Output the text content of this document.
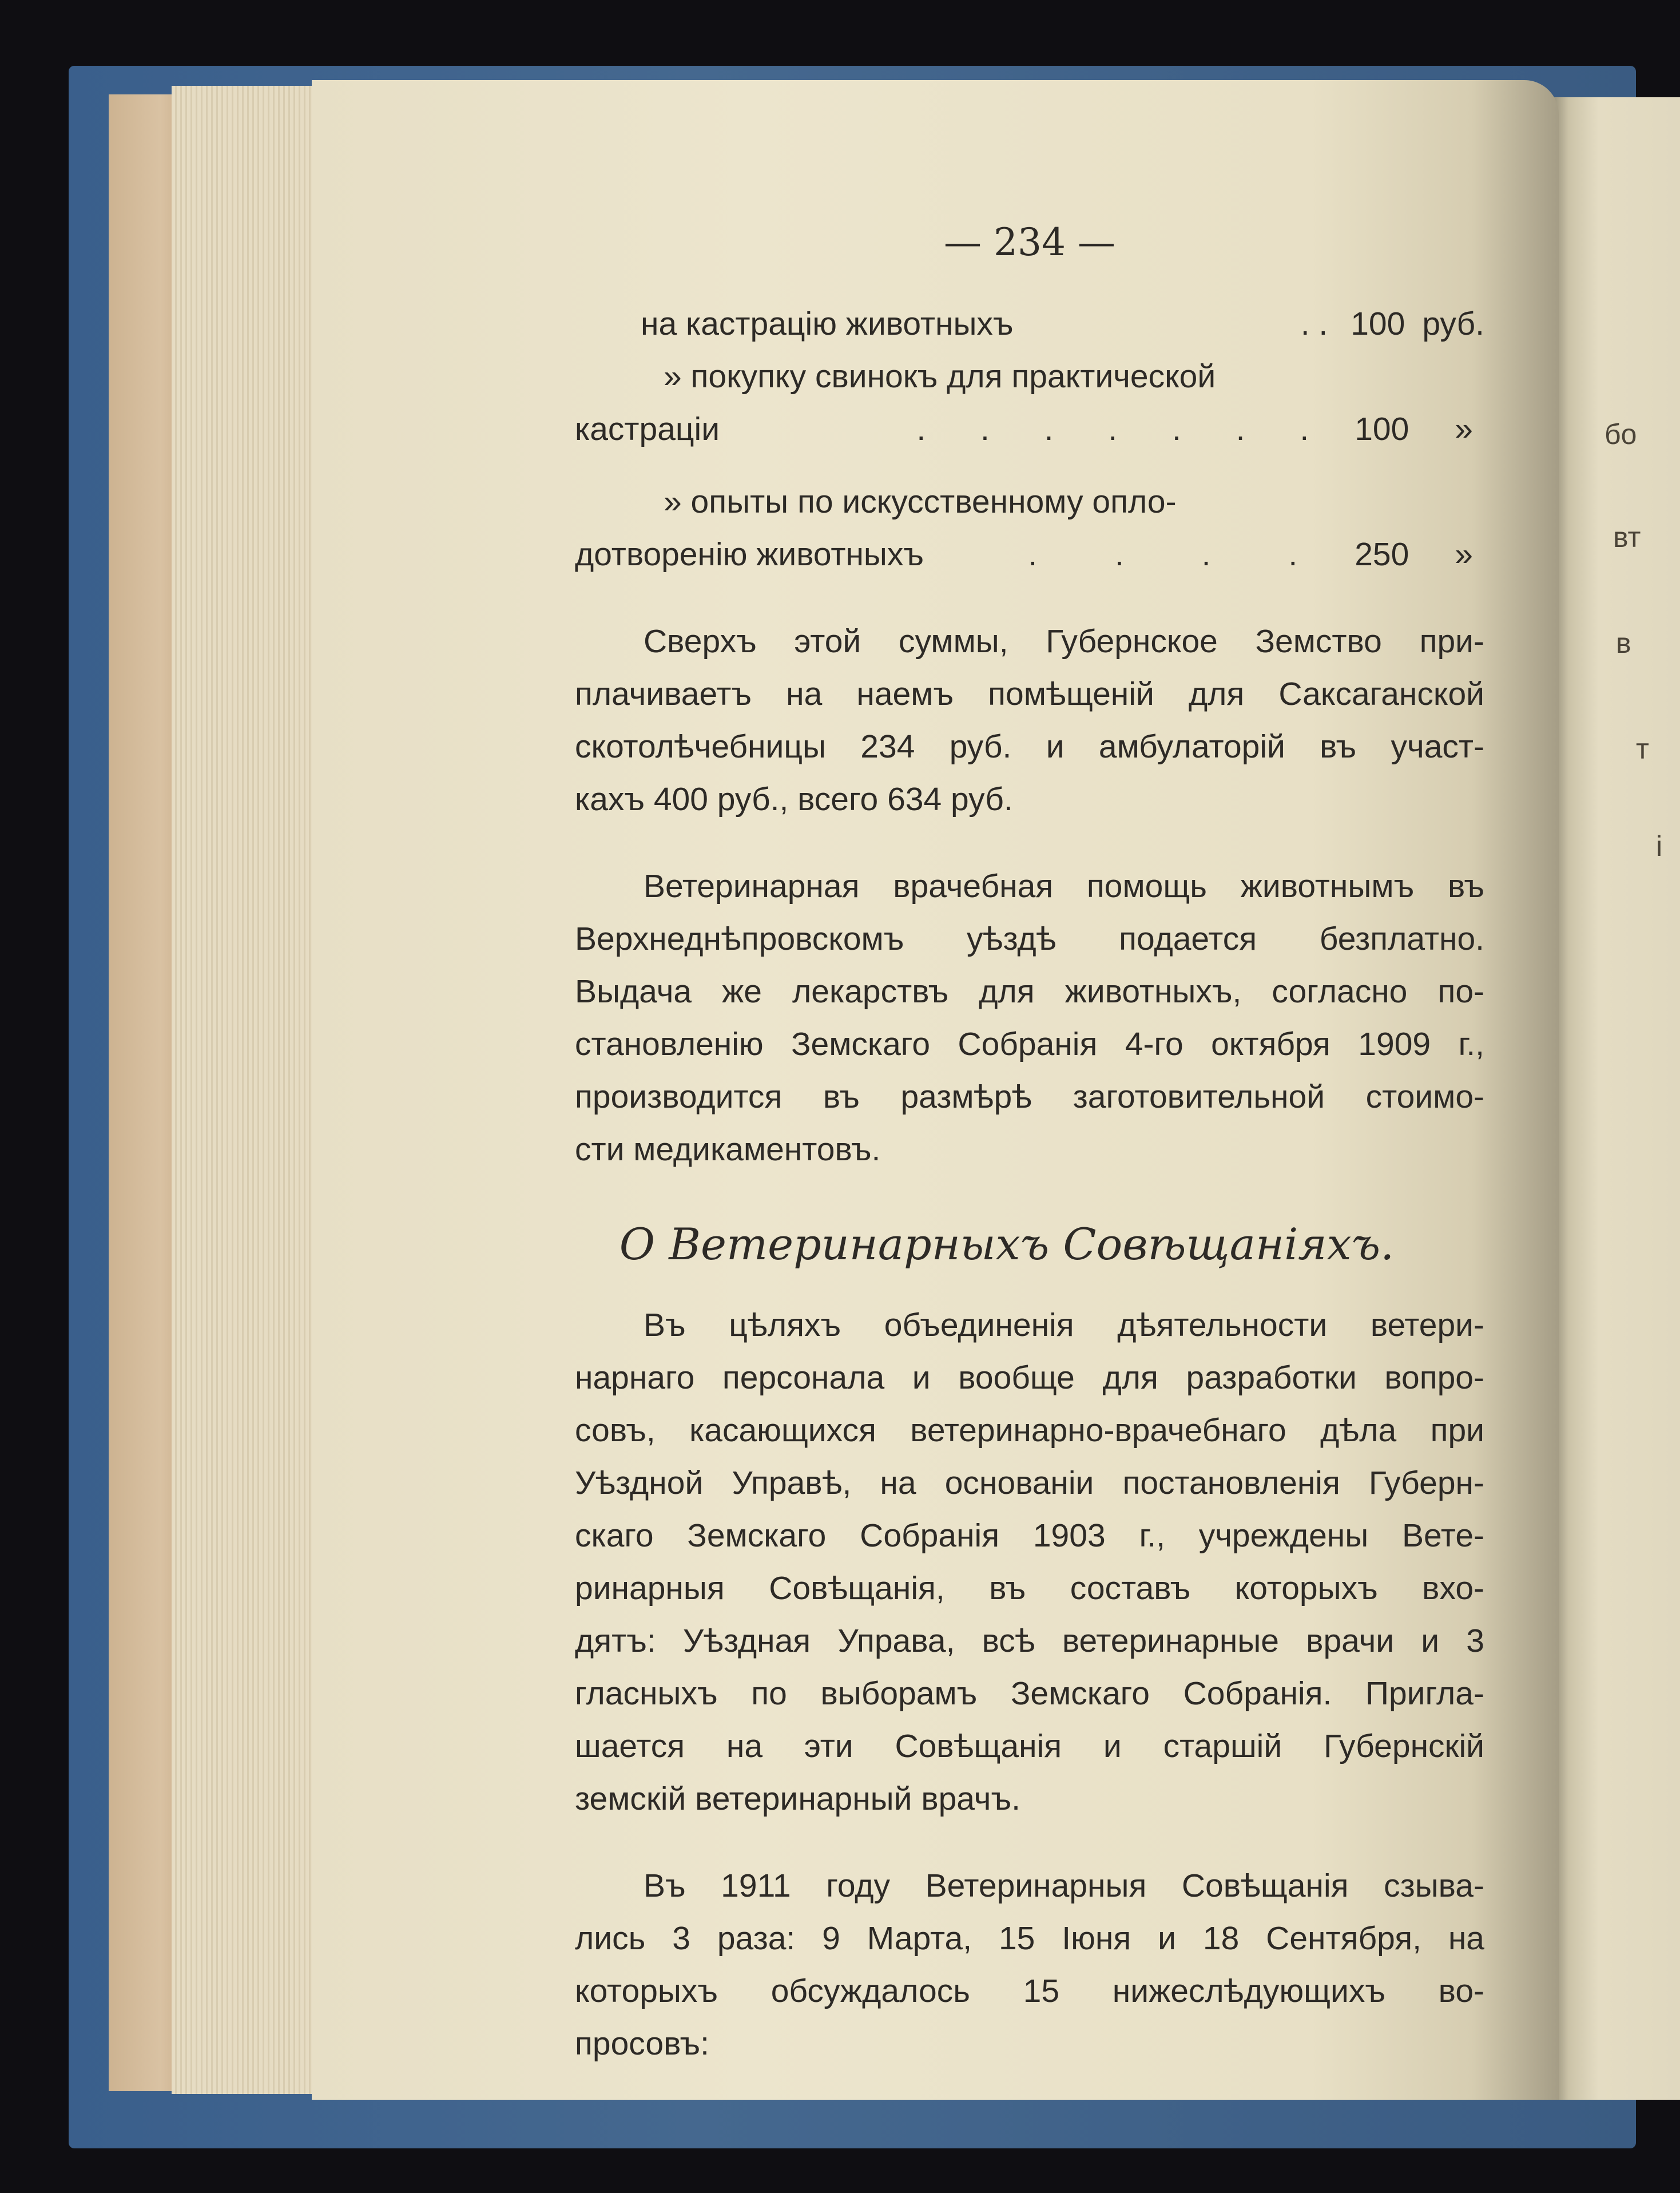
бо
вт
в
т
і
— 234 —
на кастрацію животныхъ	. . 100 руб.
» покупку свинокъ для практической
кастраціи	. . . . . . . 100 »
» опыты по искусственному опло-
дотворенію животныхъ	. . . . 250 »
Сверхъ этой суммы, Губернское Земство при-
плачиваетъ на наемъ помѣщеній для Саксаганской
скотолѣчебницы 234 руб. и амбулаторій въ участ-
кахъ 400 руб., всего 634 руб.
Ветеринарная врачебная помощь животнымъ въ
Верхнеднѣпровскомъ уѣздѣ подается безплатно.
Выдача же лекарствъ для животныхъ, согласно по-
становленію Земскаго Собранія 4-го октября 1909 г.,
производится въ размѣрѣ заготовительной стоимо-
сти медикаментовъ.
О Ветеринарныхъ Совѣщаніяхъ.
Въ цѣляхъ объединенія дѣятельности ветери-
нарнаго персонала и вообще для разработки вопро-
совъ, касающихся ветеринарно-врачебнаго дѣла при
Уѣздной Управѣ, на основаніи постановленія Губерн-
скаго Земскаго Собранія 1903 г., учреждены Вете-
ринарныя Совѣщанія, въ составъ которыхъ вхо-
дятъ: Уѣздная Управа, всѣ ветеринарные врачи и 3
гласныхъ по выборамъ Земскаго Собранія. Пригла-
шается на эти Совѣщанія и старшій Губернскій
земскій ветеринарный врачъ.
Въ 1911 году Ветеринарныя Совѣщанія сзыва-
лись 3 раза: 9 Марта, 15 Іюня и 18 Сентября, на
которыхъ обсуждалось 15 нижеслѣдующихъ во-
просовъ:
